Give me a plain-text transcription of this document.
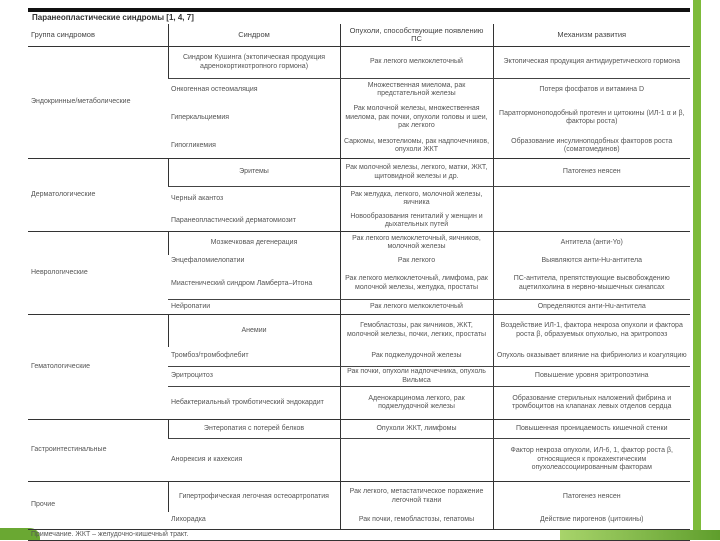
Паранеопластические синдромы [1, 4, 7]
Группа синдромов	Синдром	Опухоли, способствующие появлению ПС	Механизм развития
Эндокринные/метаболические	Синдром Кушинга (эктопическая продукция адренокортикотропного гормона)	Рак легкого мелкоклеточный	Эктопическая продукция антидиуретического гормона
	Онкогенная остеомаляция	Множественная миелома, рак предстательной железы	Потеря фосфатов и витамина D
	Гиперкальциемия	Рак молочной железы, множественная миелома, рак почки, опухоли головы и шеи, рак легкого	Паратгормоноподобный протеин и цитокины (ИЛ-1 α и β, факторы роста)
	Гипогликемия	Саркомы, мезотелиомы, рак надпочечников, опухоли ЖКТ	Образование инсулиноподобных факторов роста (соматомединов)
Дерматологические	Эритемы	Рак молочной железы, легкого, матки, ЖКТ, щитовидной железы и др.	Патогенез неясен
	Черный акантоз	Рак желудка, легкого, молочной железы, яичника	
	Паранеопластический дерматомиозит	Новообразования гениталий у женщин и дыхательных путей	
Неврологические	Мозжечковая дегенерация	Рак легкого мелкоклеточный, яичников, молочной железы	Антитела (анти-Yo)
	Энцефаломиелопатии	Рак легкого	Выявляются анти-Hu-антитела
	Миастенический синдром Ламберта–Итона	Рак легкого мелкоклеточный, лимфома, рак молочной железы, желудка, простаты	ПС-антитела, препятствующие высвобождению ацетилхолина в нервно-мышечных синапсах
	Нейропатии	Рак легкого мелкоклеточный	Определяются анти-Hu-антитела
Гематологические	Анемии	Гемобластозы, рак яичников, ЖКТ, молочной железы, почки, легких, простаты	Воздействие ИЛ-1, фактора некроза опухоли и фактора роста β, образуемых опухолью, на эритропоэз
	Тромбоз/тромбофлебит	Рак поджелудочной железы	Опухоль оказывает влияние на фибринолиз и коагуляцию
	Эритроцитоз	Рак почки, опухоли надпочечника, опухоль Вильмса	Повышение уровня эритропоэтина
	Небактериальный тромботический эндокардит	Аденокарцинома легкого, рак поджелудочной железы	Образование стерильных наложений фибрина и тромбоцитов на клапанах левых отделов сердца
Гастроинтестинальные	Энтеропатия с потерей белков	Опухоли ЖКТ, лимфомы	Повышенная проницаемость кишечной стенки
	Анорексия и кахексия		Фактор некроза опухоли, ИЛ-6, 1, фактор роста β, относящиеся к прокахектическим опухолеассоциированным факторам
Прочие	Гипертрофическая легочная остеоартропатия	Рак легкого, метастатическое поражение легочной ткани	Патогенез неясен
	Лихорадка	Рак почки, гемобластозы, гепатомы	Действие пирогенов (цитокины)
Примечание. ЖКТ – желудочно-кишечный тракт.			
